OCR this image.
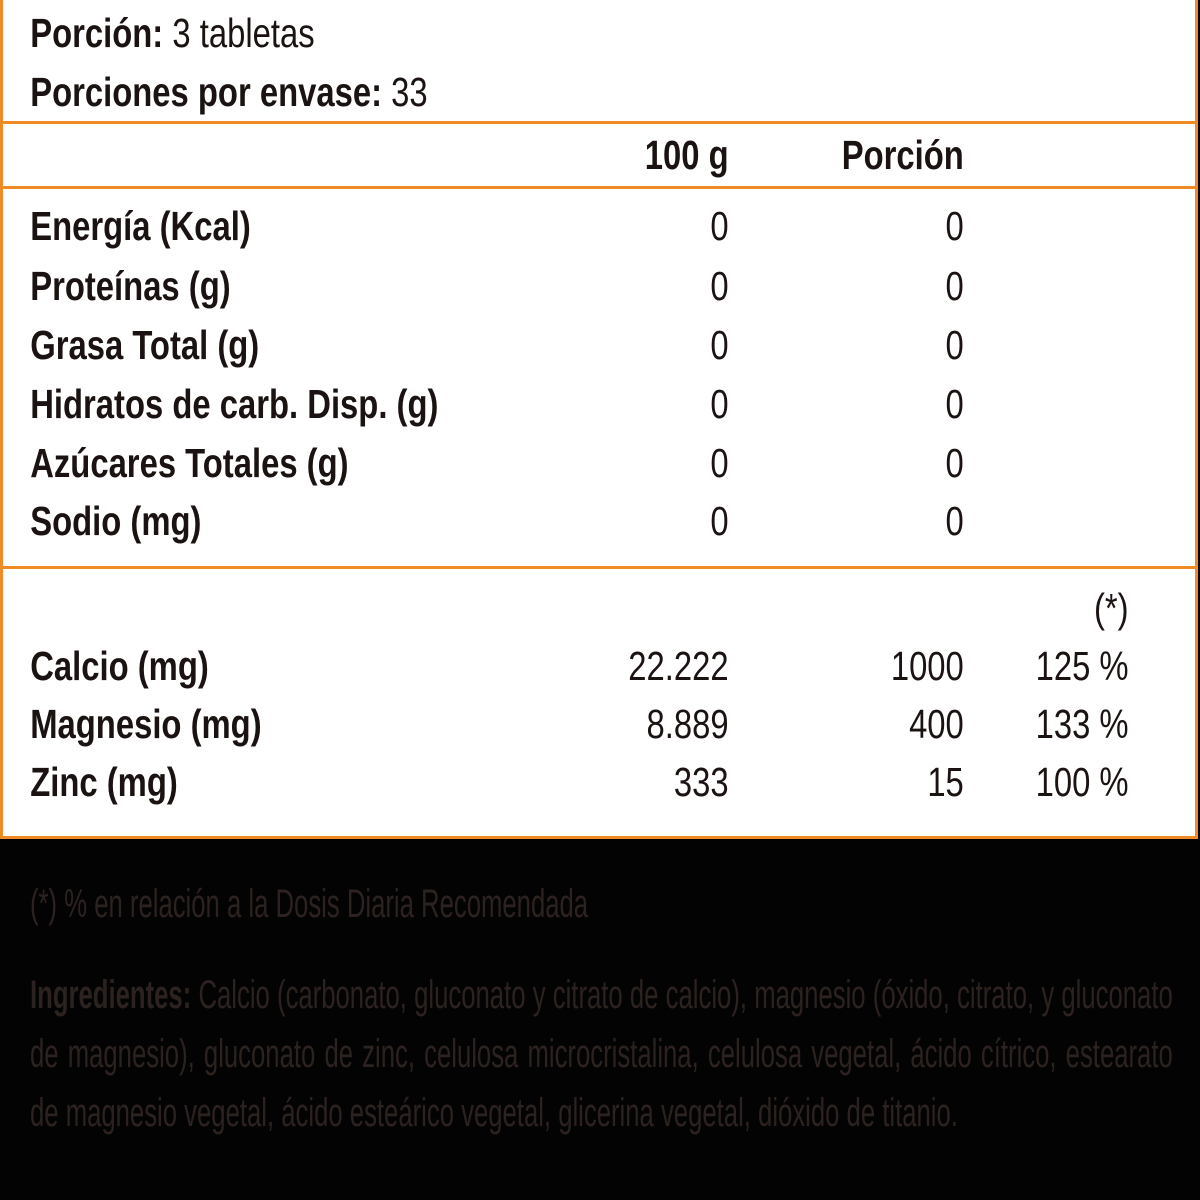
Porción: 3 tabletas
Porciones por envase: 33
100 g	Porción
Energía (Kcal)	0	0
Proteínas (g)	0	0
Grasa Total (g)	0	0
Hidratos de carb. Disp. (g)	0	0
Azúcares Totales (g)	0	0
Sodio (mg)	0	0
(*)
Calcio (mg)	22.222	1000	125 %
Magnesio (mg)	8.889	400	133 %
Zinc (mg)	333	15	100 %
(*) % en relación a la Dosis Diaria Recomendada

Ingredientes: Calcio (carbonato, gluconato y citrato de calcio), magnesio (óxido, citrato, y gluconato de magnesio), gluconato de zinc, celulosa microcristalina, celulosa vegetal, ácido cítrico, estearato de magnesio vegetal, ácido esteárico vegetal, glicerina vegetal, dióxido de titanio.
